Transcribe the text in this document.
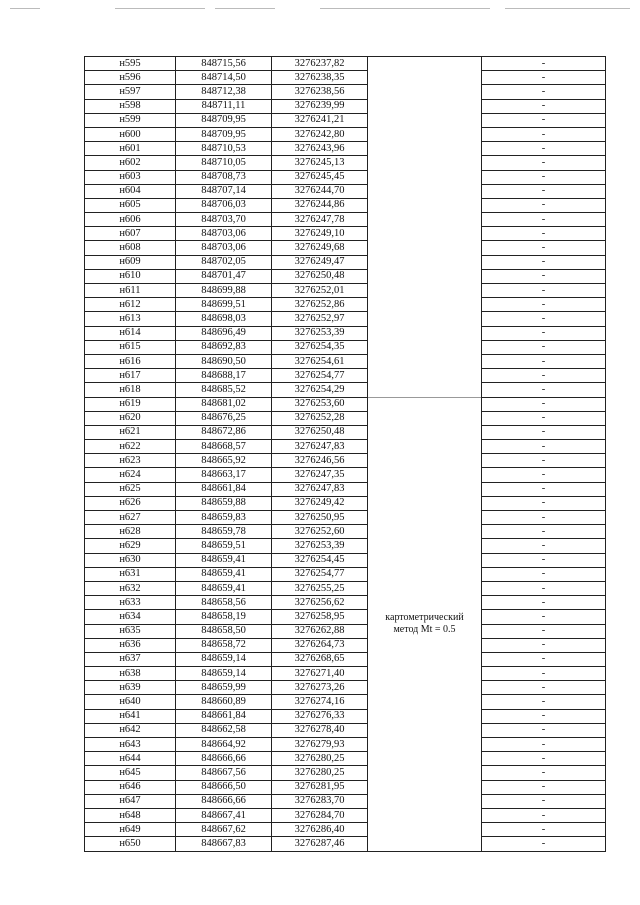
н595	848715,56	3276237,82		-
н596	848714,50	3276238,35		-
н597	848712,38	3276238,56		-
н598	848711,11	3276239,99		-
н599	848709,95	3276241,21		-
н600	848709,95	3276242,80		-
н601	848710,53	3276243,96		-
н602	848710,05	3276245,13		-
н603	848708,73	3276245,45		-
н604	848707,14	3276244,70		-
н605	848706,03	3276244,86		-
н606	848703,70	3276247,78		-
н607	848703,06	3276249,10		-
н608	848703,06	3276249,68		-
н609	848702,05	3276249,47		-
н610	848701,47	3276250,48		-
н611	848699,88	3276252,01		-
н612	848699,51	3276252,86		-
н613	848698,03	3276252,97		-
н614	848696,49	3276253,39		-
н615	848692,83	3276254,35		-
н616	848690,50	3276254,61		-
н617	848688,17	3276254,77		-
н618	848685,52	3276254,29		-
н619	848681,02	3276253,60	картометрический
метод Mt = 0.5	-
н620	848676,25	3276252,28		-
н621	848672,86	3276250,48		-
н622	848668,57	3276247,83		-
н623	848665,92	3276246,56		-
н624	848663,17	3276247,35		-
н625	848661,84	3276247,83		-
н626	848659,88	3276249,42		-
н627	848659,83	3276250,95		-
н628	848659,78	3276252,60		-
н629	848659,51	3276253,39		-
н630	848659,41	3276254,45		-
н631	848659,41	3276254,77		-
н632	848659,41	3276255,25		-
н633	848658,56	3276256,62		-
н634	848658,19	3276258,95		-
н635	848658,50	3276262,88		-
н636	848658,72	3276264,73		-
н637	848659,14	3276268,65		-
н638	848659,14	3276271,40		-
н639	848659,99	3276273,26		-
н640	848660,89	3276274,16		-
н641	848661,84	3276276,33		-
н642	848662,58	3276278,40		-
н643	848664,92	3276279,93		-
н644	848666,66	3276280,25		-
н645	848667,56	3276280,25		-
н646	848666,50	3276281,95		-
н647	848666,66	3276283,70		-
н648	848667,41	3276284,70		-
н649	848667,62	3276286,40		-
н650	848667,83	3276287,46		-
